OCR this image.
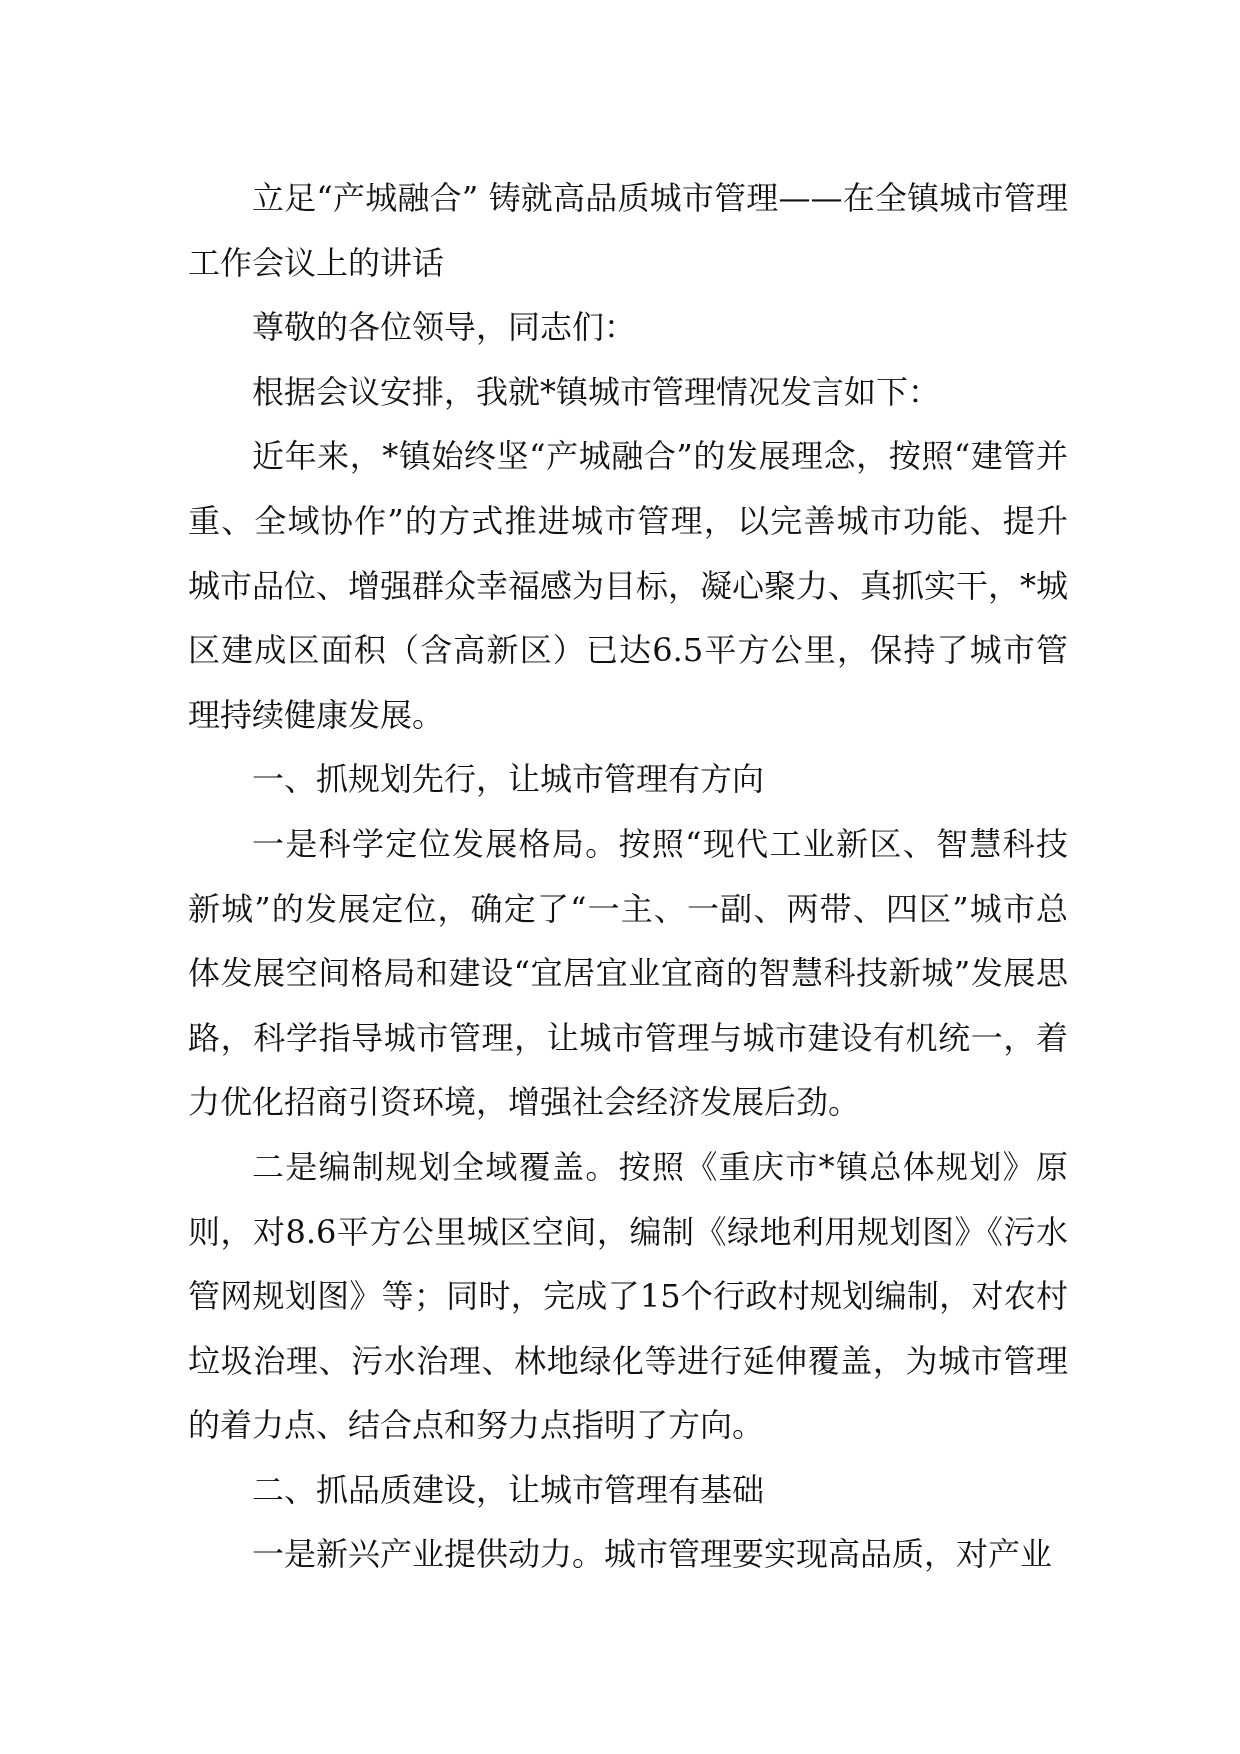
立足“产城融合” 铸就高品质城市管理——在全镇城市管理工作会议上的讲话

尊敬的各位领导，同志们：

根据会议安排，我就*镇城市管理情况发言如下：

近年来，*镇始终坚“产城融合”的发展理念，按照“建管并重、全域协作”的方式推进城市管理，以完善城市功能、提升城市品位、增强群众幸福感为目标，凝心聚力、真抓实干，*城区建成区面积（含高新区）已达6.5平方公里，保持了城市管理持续健康发展。

一、抓规划先行，让城市管理有方向

一是科学定位发展格局。按照“现代工业新区、智慧科技新城”的发展定位，确定了“一主、一副、两带、四区”城市总体发展空间格局和建设“宜居宜业宜商的智慧科技新城”发展思路，科学指导城市管理，让城市管理与城市建设有机统一，着力优化招商引资环境，增强社会经济发展后劲。

二是编制规划全域覆盖。按照《重庆市*镇总体规划》原则，对8.6平方公里城区空间，编制《绿地利用规划图》《污水管网规划图》等；同时，完成了15个行政村规划编制，对农村垃圾治理、污水治理、林地绿化等进行延伸覆盖，为城市管理的着力点、结合点和努力点指明了方向。

二、抓品质建设，让城市管理有基础

一是新兴产业提供动力。城市管理要实现高品质，对产业
